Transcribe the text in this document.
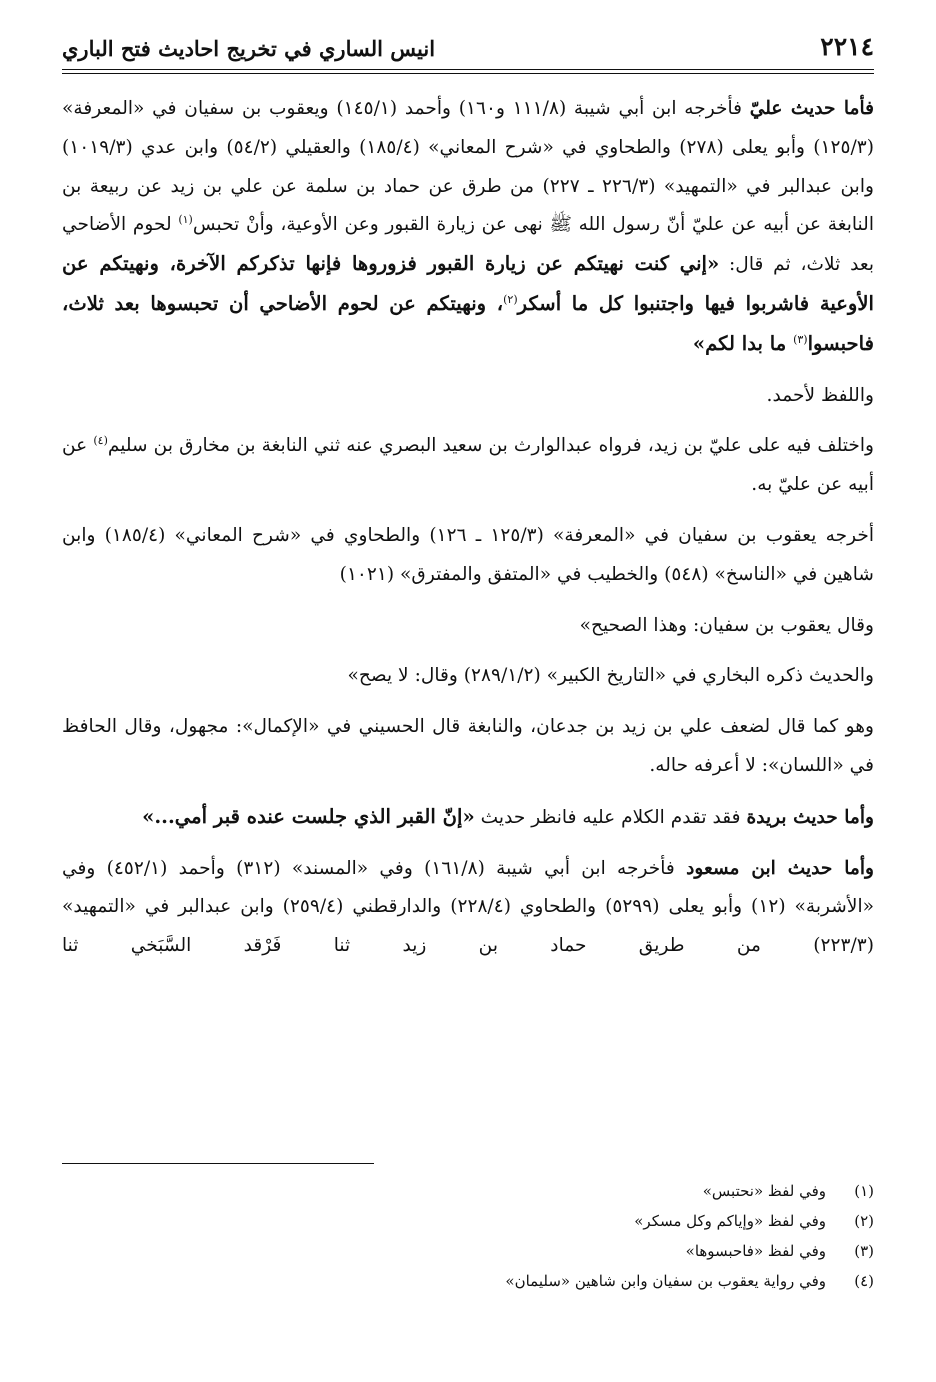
٢٢١٤
انيس الساري في تخريج احاديث فتح الباري

فأما حديث عليّ فأخرجه ابن أبي شيبة (١١١/٨ و١٦٠) وأحمد (١٤٥/١) ويعقوب بن سفيان في «المعرفة» (١٢٥/٣) وأبو يعلى (٢٧٨) والطحاوي في «شرح المعاني» (١٨٥/٤) والعقيلي (٥٤/٢) وابن عدي (١٠١٩/٣) وابن عبدالبر في «التمهيد» (٢٢٦/٣ ـ ٢٢٧) من طرق عن حماد بن سلمة عن علي بن زيد عن ربيعة بن النابغة عن أبيه عن عليّ أنّ رسول الله ﷺ نهى عن زيارة القبور وعن الأوعية، وأنْ تحبس$^{(١)}$ لحوم الأضاحي بعد ثلاث، ثم قال: «إني كنت نهيتكم عن زيارة القبور فزوروها فإنها تذكركم الآخرة، ونهيتكم عن الأوعية فاشربوا فيها واجتنبوا كل ما أسكر$^{(٢)}$، ونهيتكم عن لحوم الأضاحي أن تحبسوها بعد ثلاث، فاحبسوا$^{(٣)}$ ما بدا لكم»

واللفظ لأحمد.

واختلف فيه على عليّ بن زيد، فرواه عبدالوارث بن سعيد البصري عنه ثني النابغة بن مخارق بن سليم$^{(٤)}$ عن أبيه عن عليّ به.

أخرجه يعقوب بن سفيان في «المعرفة» (١٢٥/٣ ـ ١٢٦) والطحاوي في «شرح المعاني» (١٨٥/٤) وابن شاهين في «الناسخ» (٥٤٨) والخطيب في «المتفق والمفترق» (١٠٢١)

وقال يعقوب بن سفيان: وهذا الصحيح»

والحديث ذكره البخاري في «التاريخ الكبير» (٢٨٩/١/٢) وقال: لا يصح»

وهو كما قال لضعف علي بن زيد بن جدعان، والنابغة قال الحسيني في «الإكمال»: مجهول، وقال الحافظ في «اللسان»: لا أعرفه حاله.

وأما حديث بريدة فقد تقدم الكلام عليه فانظر حديث «إنّ القبر الذي جلست عنده قبر أمي...»

وأما حديث ابن مسعود فأخرجه ابن أبي شيبة (١٦١/٨) وفي «المسند» (٣١٢) وأحمد (٤٥٢/١) وفي «الأشربة» (١٢) وأبو يعلى (٥٢٩٩) والطحاوي (٢٢٨/٤) والدارقطني (٢٥٩/٤) وابن عبدالبر في «التمهيد» (٢٢٣/٣) من طريق حماد بن زيد ثنا فَرْقد السَّبَخي ثنا

(١)
وفي لفظ «نحتبس»
(٢)
وفي لفظ «وإياكم وكل مسكر»
(٣)
وفي لفظ «فاحبسوها»
(٤)
وفي رواية يعقوب بن سفيان وابن شاهين «سليمان»
